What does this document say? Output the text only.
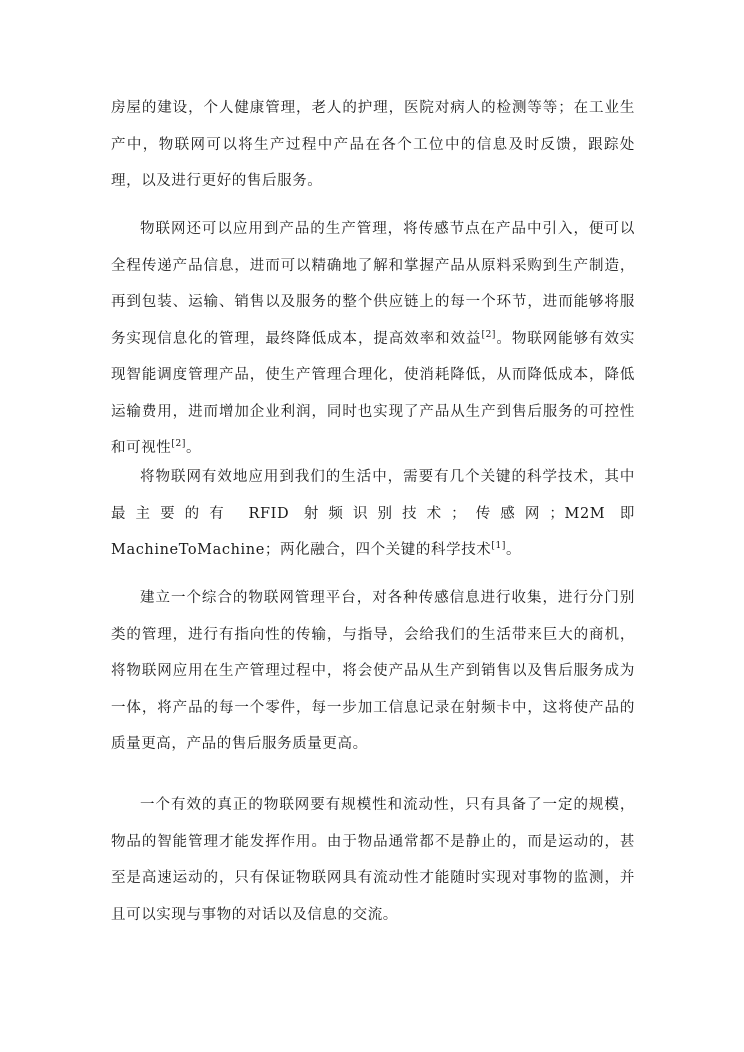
房屋的建设，个人健康管理，老人的护理，医院对病人的检测等等；在工业生产中，物联网可以将生产过程中产品在各个工位中的信息及时反馈，跟踪处理，以及进行更好的售后服务。

物联网还可以应用到产品的生产管理，将传感节点在产品中引入，便可以全程传递产品信息，进而可以精确地了解和掌握产品从原料采购到生产制造，再到包装、运输、销售以及服务的整个供应链上的每一个环节，进而能够将服务实现信息化的管理，最终降低成本，提高效率和效益[2]。物联网能够有效实现智能调度管理产品，使生产管理合理化，使消耗降低，从而降低成本，降低运输费用，进而增加企业利润，同时也实现了产品从生产到售后服务的可控性和可视性[2]。

将物联网有效地应用到我们的生活中，需要有几个关键的科学技术，其中最主要的有 RFID 射频识别技术；传感网；M2M 即 MachineToMachine；两化融合，四个关键的科学技术[1]。

建立一个综合的物联网管理平台，对各种传感信息进行收集，进行分门别类的管理，进行有指向性的传输，与指导，会给我们的生活带来巨大的商机，将物联网应用在生产管理过程中，将会使产品从生产到销售以及售后服务成为一体，将产品的每一个零件，每一步加工信息记录在射频卡中，这将使产品的质量更高，产品的售后服务质量更高。

一个有效的真正的物联网要有规模性和流动性，只有具备了一定的规模，物品的智能管理才能发挥作用。由于物品通常都不是静止的，而是运动的，甚至是高速运动的，只有保证物联网具有流动性才能随时实现对事物的监测，并且可以实现与事物的对话以及信息的交流。
